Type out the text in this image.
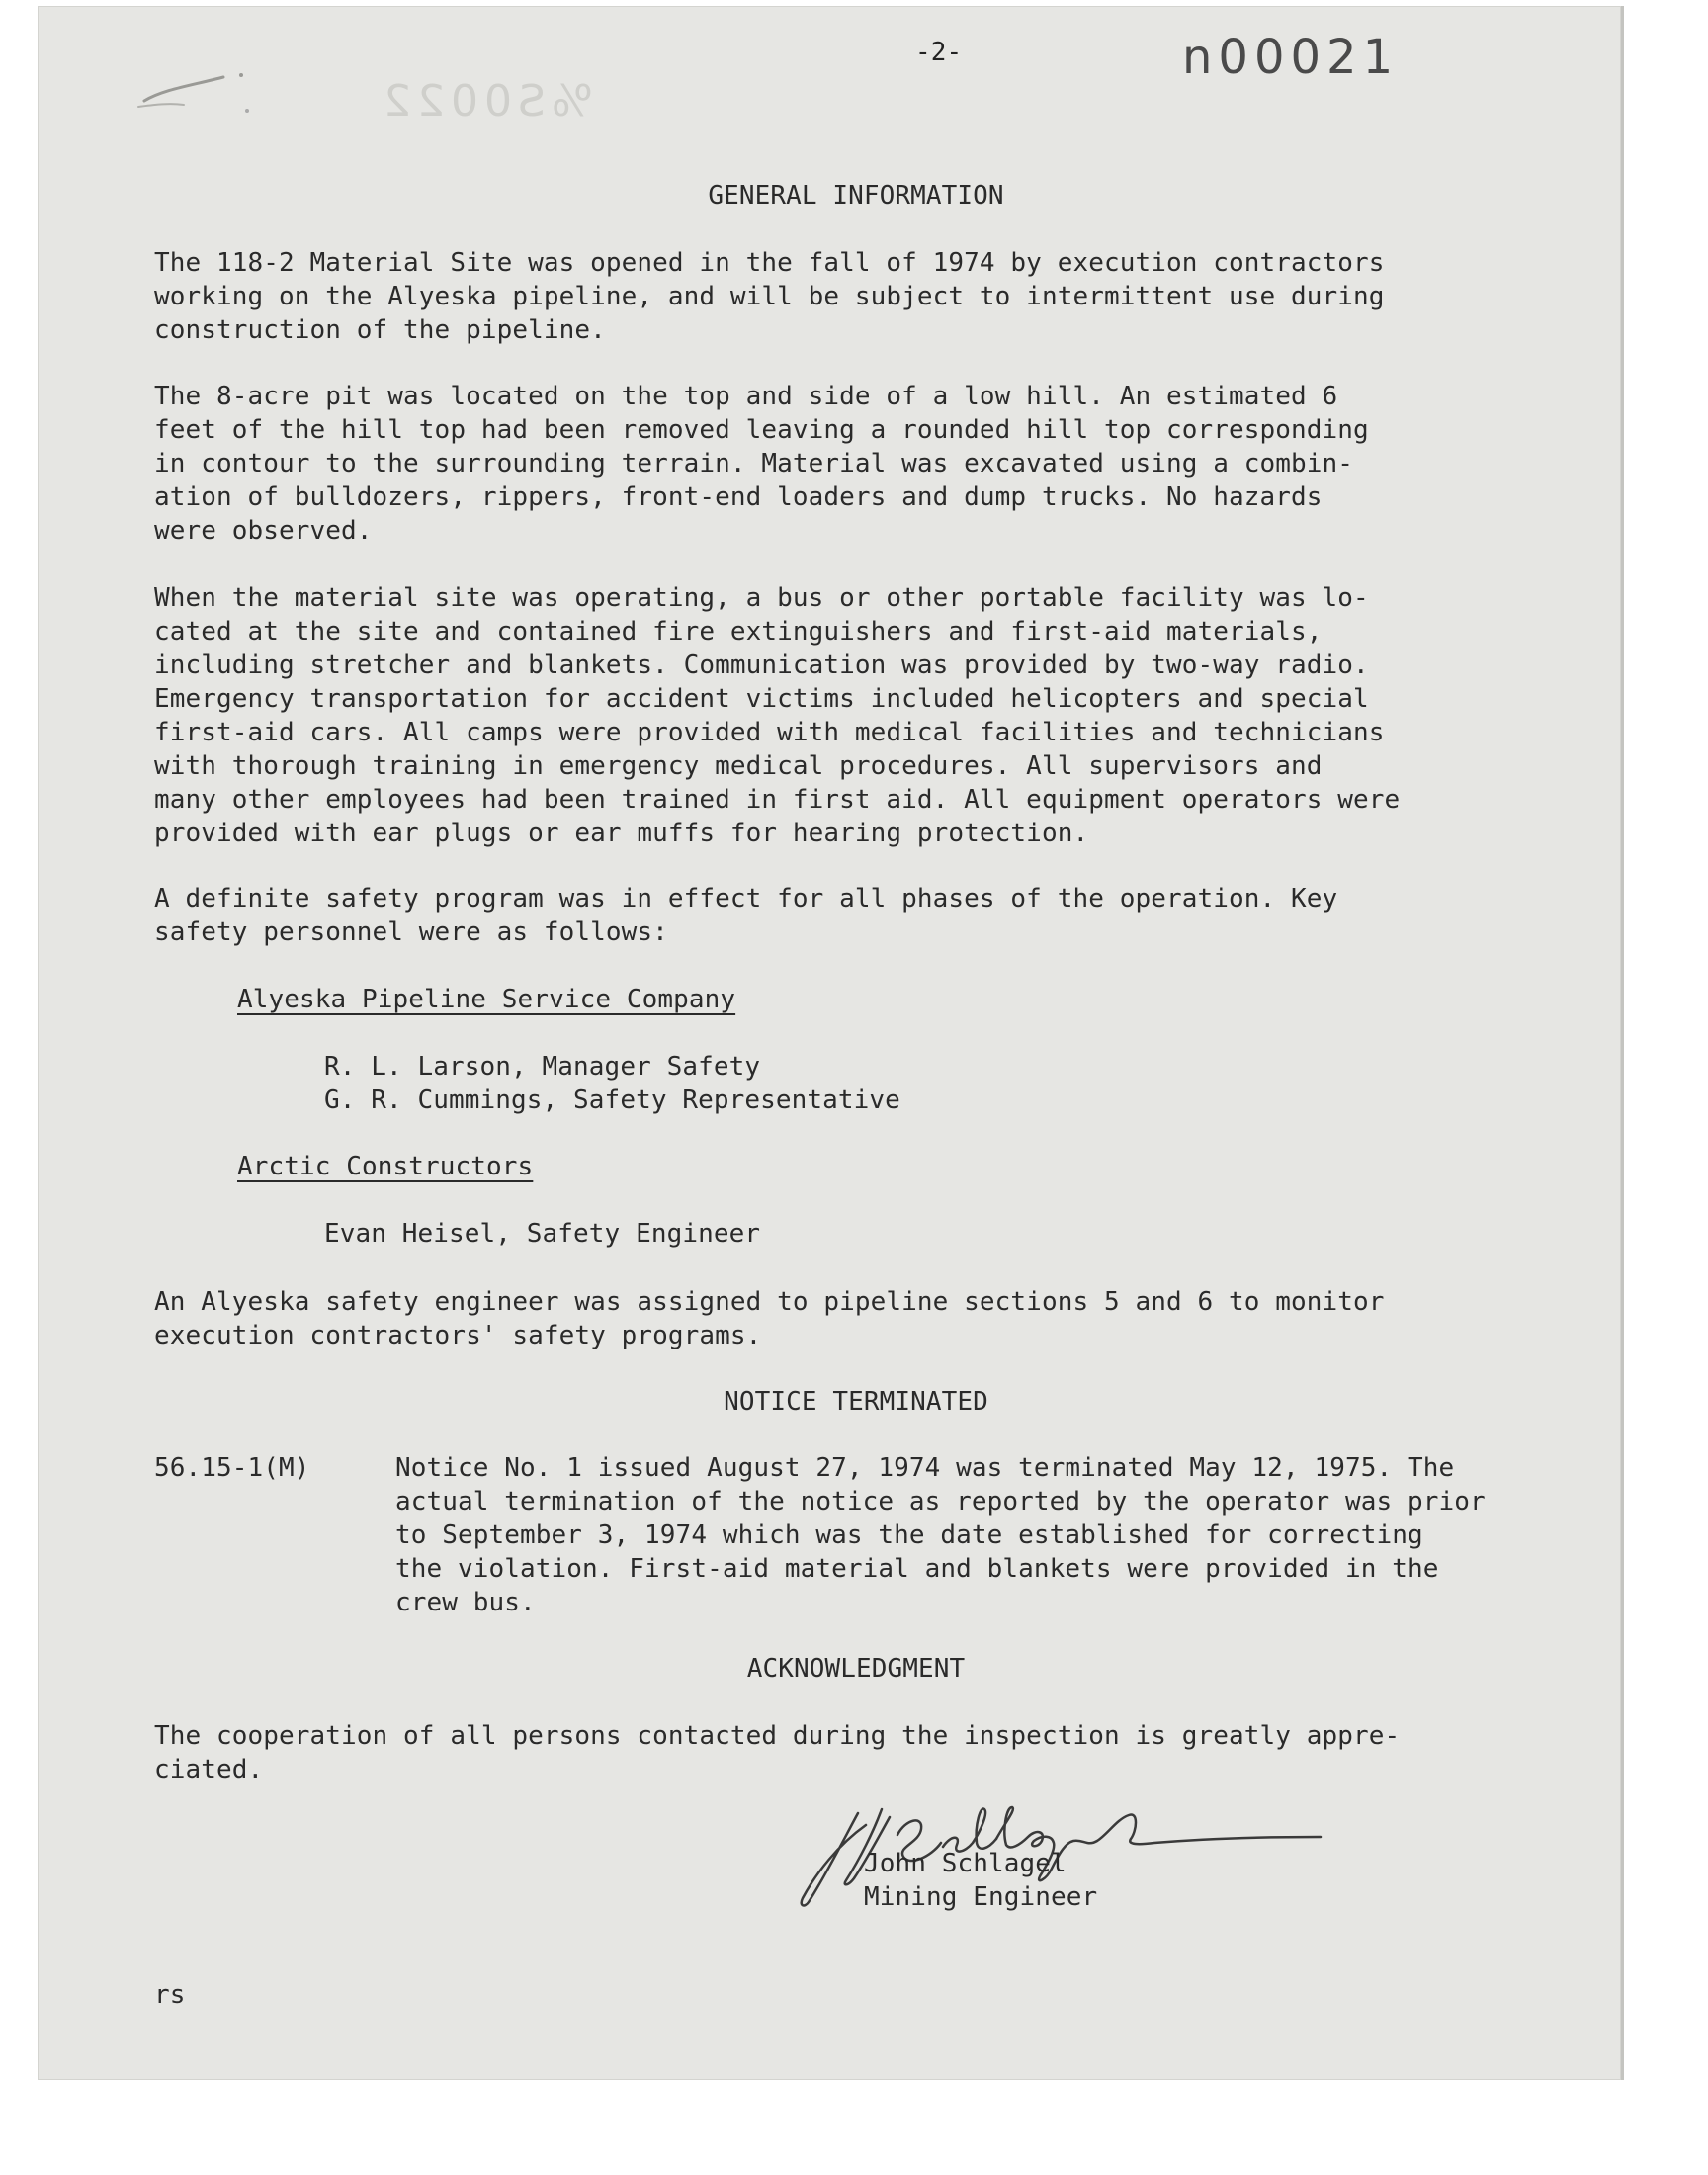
%S0022
-2-	n00021
GENERAL INFORMATION

The 118-2 Material Site was opened in the fall of 1974 by execution contractors
working on the Alyeska pipeline, and will be subject to intermittent use during
construction of the pipeline.

The 8-acre pit was located on the top and side of a low hill. An estimated 6
feet of the hill top had been removed leaving a rounded hill top corresponding
in contour to the surrounding terrain. Material was excavated using a combin-
ation of bulldozers, rippers, front-end loaders and dump trucks. No hazards
were observed.

When the material site was operating, a bus or other portable facility was lo-
cated at the site and contained fire extinguishers and first-aid materials,
including stretcher and blankets. Communication was provided by two-way radio.
Emergency transportation for accident victims included helicopters and special
first-aid cars. All camps were provided with medical facilities and technicians
with thorough training in emergency medical procedures. All supervisors and
many other employees had been trained in first aid. All equipment operators were
provided with ear plugs or ear muffs for hearing protection.

A definite safety program was in effect for all phases of the operation. Key
safety personnel were as follows:

Alyeska Pipeline Service Company
R. L. Larson, Manager Safety
G. R. Cummings, Safety Representative
Arctic Constructors
Evan Heisel, Safety Engineer

An Alyeska safety engineer was assigned to pipeline sections 5 and 6 to monitor
execution contractors' safety programs.

NOTICE TERMINATED
56.15-1(M)	Notice No. 1 issued August 27, 1974 was terminated May 12, 1975. The
actual termination of the notice as reported by the operator was prior
to September 3, 1974 which was the date established for correcting
the violation. First-aid material and blankets were provided in the
crew bus.
ACKNOWLEDGMENT

The cooperation of all persons contacted during the inspection is greatly appre-
ciated.

John Schlagel
Mining Engineer
rs
